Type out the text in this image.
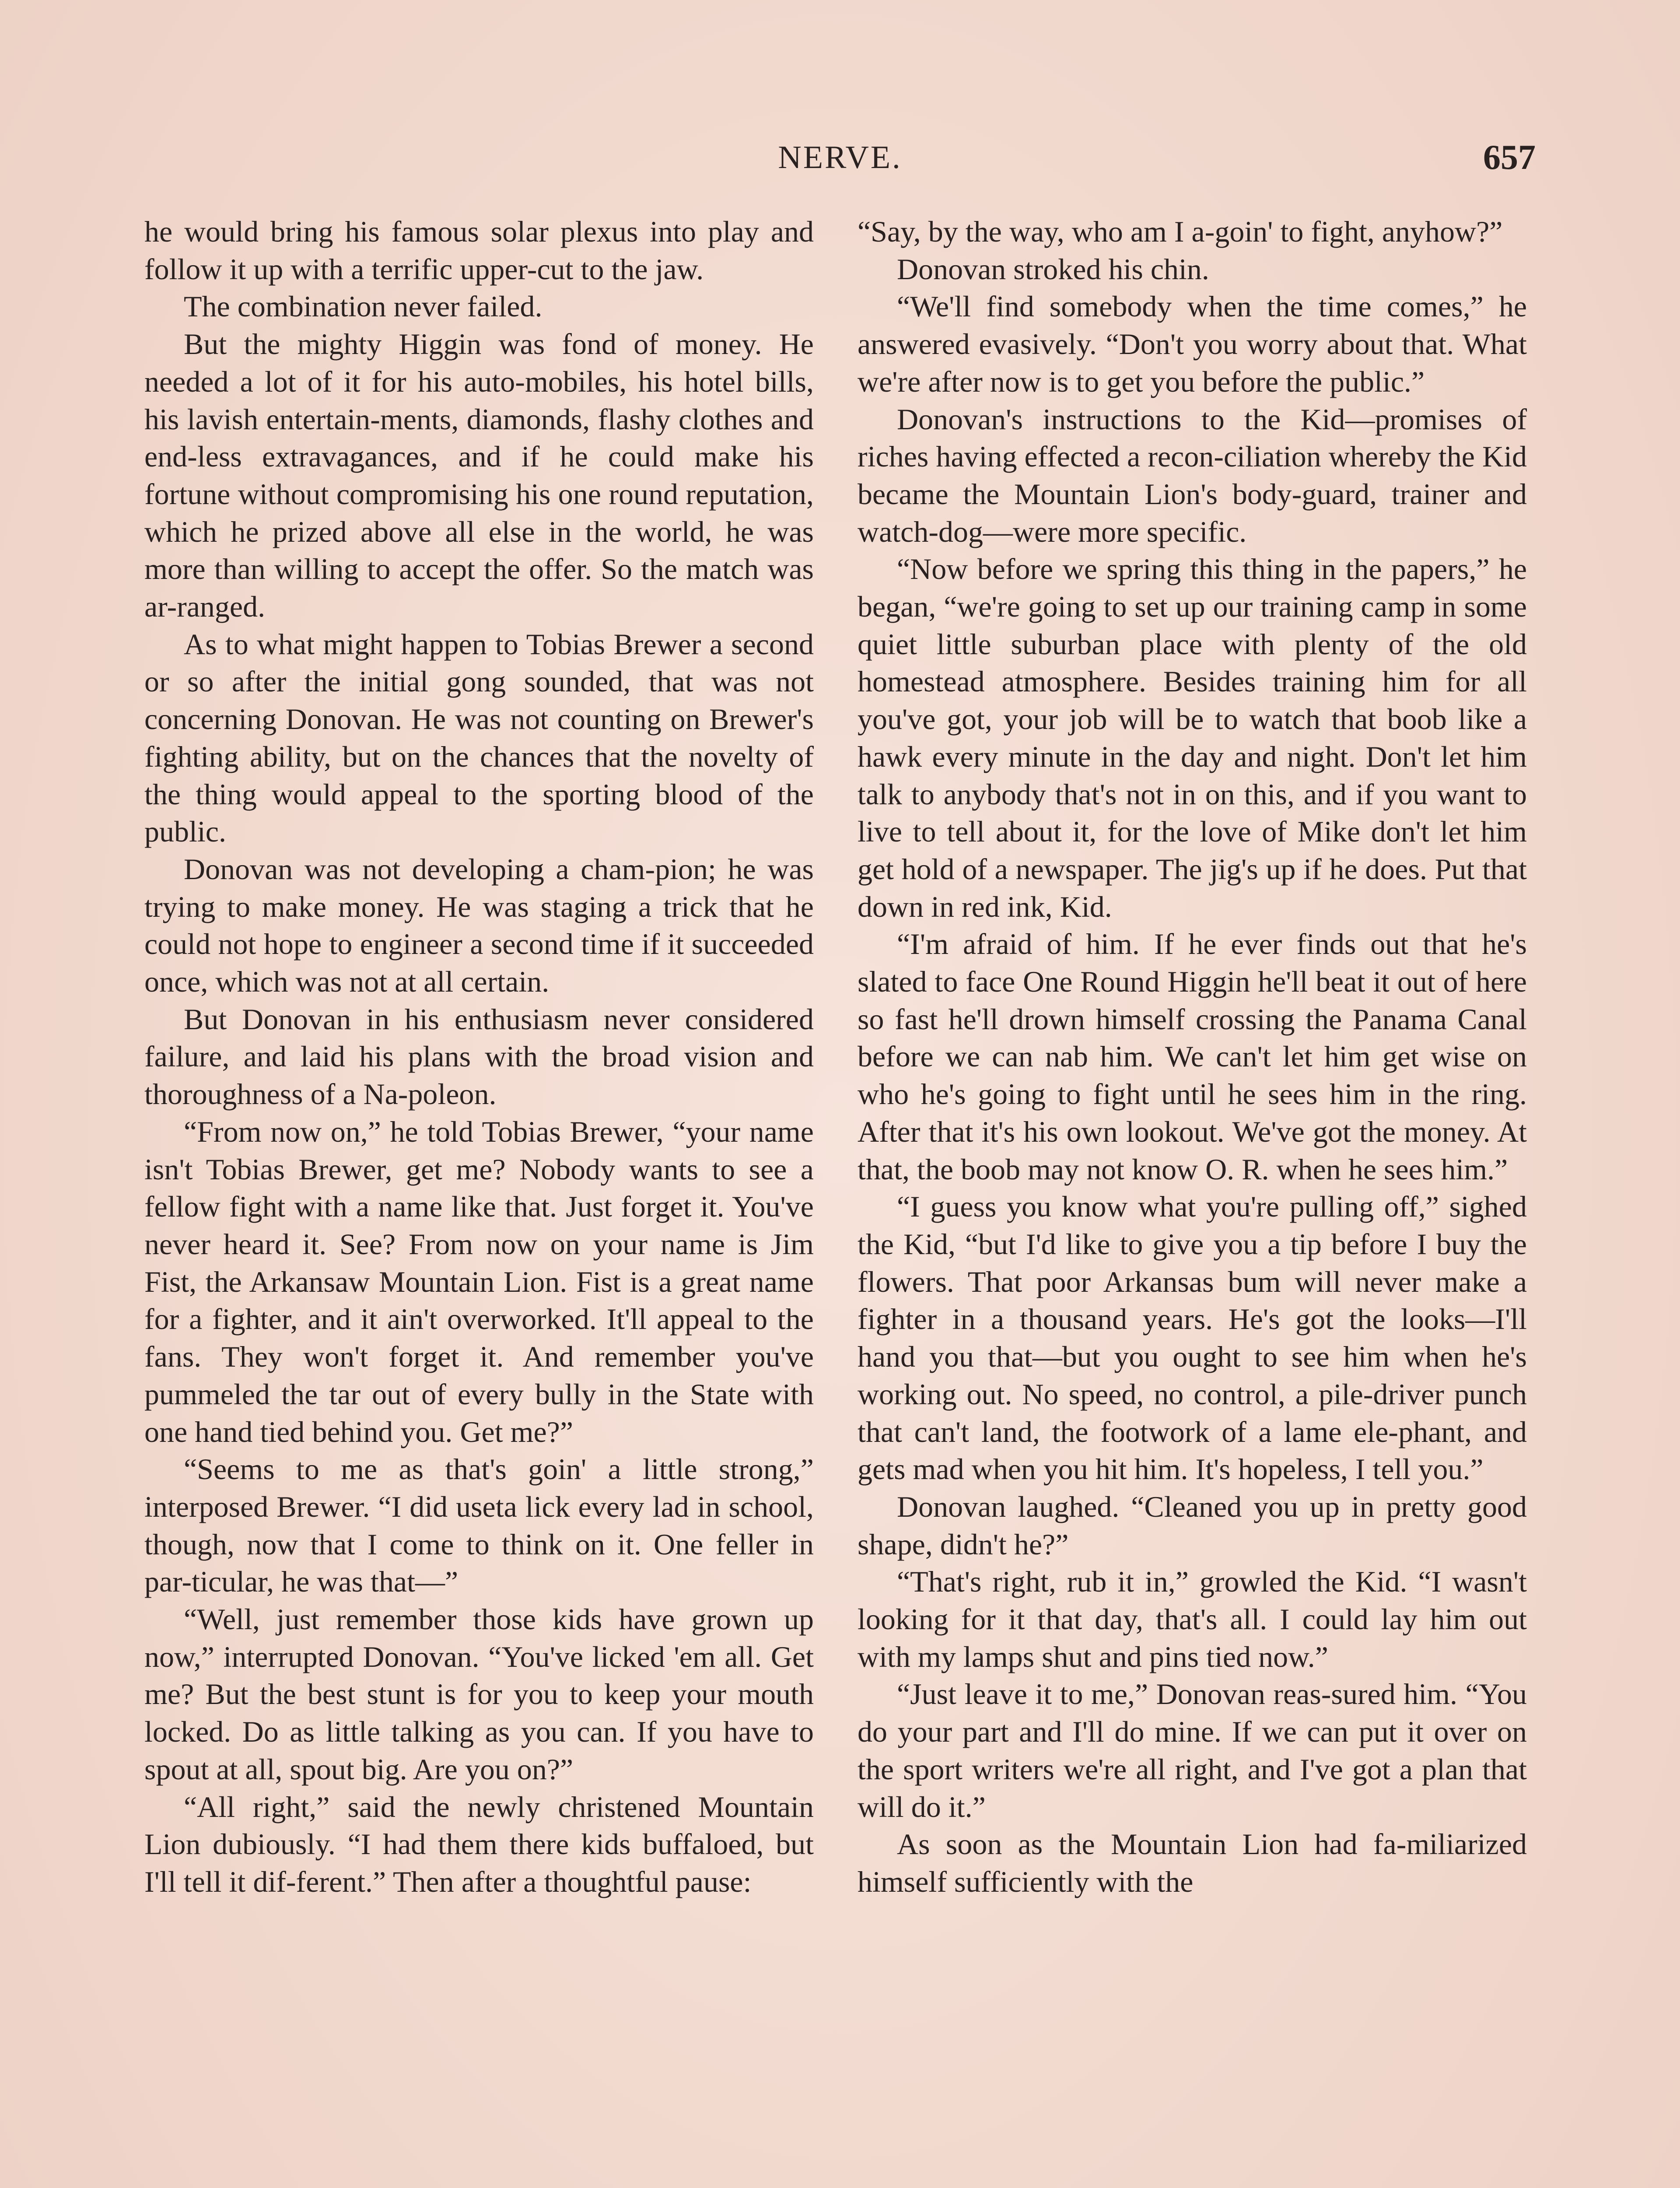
NERVE.	657

he would bring his famous solar plexus into play and follow it up with a terrific upper-cut to the jaw.

The combination never failed.

But the mighty Higgin was fond of money. He needed a lot of it for his auto-mobiles, his hotel bills, his lavish entertain-ments, diamonds, flashy clothes and end-less extravagances, and if he could make his fortune without compromising his one round reputation, which he prized above all else in the world, he was more than willing to accept the offer. So the match was ar-ranged.

As to what might happen to Tobias Brewer a second or so after the initial gong sounded, that was not concerning Donovan. He was not counting on Brewer's fighting ability, but on the chances that the novelty of the thing would appeal to the sporting blood of the public.

Donovan was not developing a cham-pion; he was trying to make money. He was staging a trick that he could not hope to engineer a second time if it succeeded once, which was not at all certain.

But Donovan in his enthusiasm never considered failure, and laid his plans with the broad vision and thoroughness of a Na-poleon.

“From now on,” he told Tobias Brewer, “your name isn't Tobias Brewer, get me? Nobody wants to see a fellow fight with a name like that. Just forget it. You've never heard it. See? From now on your name is Jim Fist, the Arkansaw Mountain Lion. Fist is a great name for a fighter, and it ain't overworked. It'll appeal to the fans. They won't forget it. And remember you've pummeled the tar out of every bully in the State with one hand tied behind you. Get me?”

“Seems to me as that's goin' a little strong,” interposed Brewer. “I did useta lick every lad in school, though, now that I come to think on it. One feller in par-ticular, he was that—”

“Well, just remember those kids have grown up now,” interrupted Donovan. “You've licked 'em all. Get me? But the best stunt is for you to keep your mouth locked. Do as little talking as you can. If you have to spout at all, spout big. Are you on?”

“All right,” said the newly christened Mountain Lion dubiously. “I had them there kids buffaloed, but I'll tell it dif-ferent.” Then after a thoughtful pause:

“Say, by the way, who am I a-goin' to fight, anyhow?”

Donovan stroked his chin.

“We'll find somebody when the time comes,” he answered evasively. “Don't you worry about that. What we're after now is to get you before the public.”

Donovan's instructions to the Kid—promises of riches having effected a recon-ciliation whereby the Kid became the Mountain Lion's body-guard, trainer and watch-dog—were more specific.

“Now before we spring this thing in the papers,” he began, “we're going to set up our training camp in some quiet little suburban place with plenty of the old homestead atmosphere. Besides training him for all you've got, your job will be to watch that boob like a hawk every minute in the day and night. Don't let him talk to anybody that's not in on this, and if you want to live to tell about it, for the love of Mike don't let him get hold of a newspaper. The jig's up if he does. Put that down in red ink, Kid.

“I'm afraid of him. If he ever finds out that he's slated to face One Round Higgin he'll beat it out of here so fast he'll drown himself crossing the Panama Canal before we can nab him. We can't let him get wise on who he's going to fight until he sees him in the ring. After that it's his own lookout. We've got the money. At that, the boob may not know O. R. when he sees him.”

“I guess you know what you're pulling off,” sighed the Kid, “but I'd like to give you a tip before I buy the flowers. That poor Arkansas bum will never make a fighter in a thousand years. He's got the looks—I'll hand you that—but you ought to see him when he's working out. No speed, no control, a pile-driver punch that can't land, the footwork of a lame ele-phant, and gets mad when you hit him. It's hopeless, I tell you.”

Donovan laughed. “Cleaned you up in pretty good shape, didn't he?”

“That's right, rub it in,” growled the Kid. “I wasn't looking for it that day, that's all. I could lay him out with my lamps shut and pins tied now.”

“Just leave it to me,” Donovan reas-sured him. “You do your part and I'll do mine. If we can put it over on the sport writers we're all right, and I've got a plan that will do it.”

As soon as the Mountain Lion had fa-miliarized himself sufficiently with the
